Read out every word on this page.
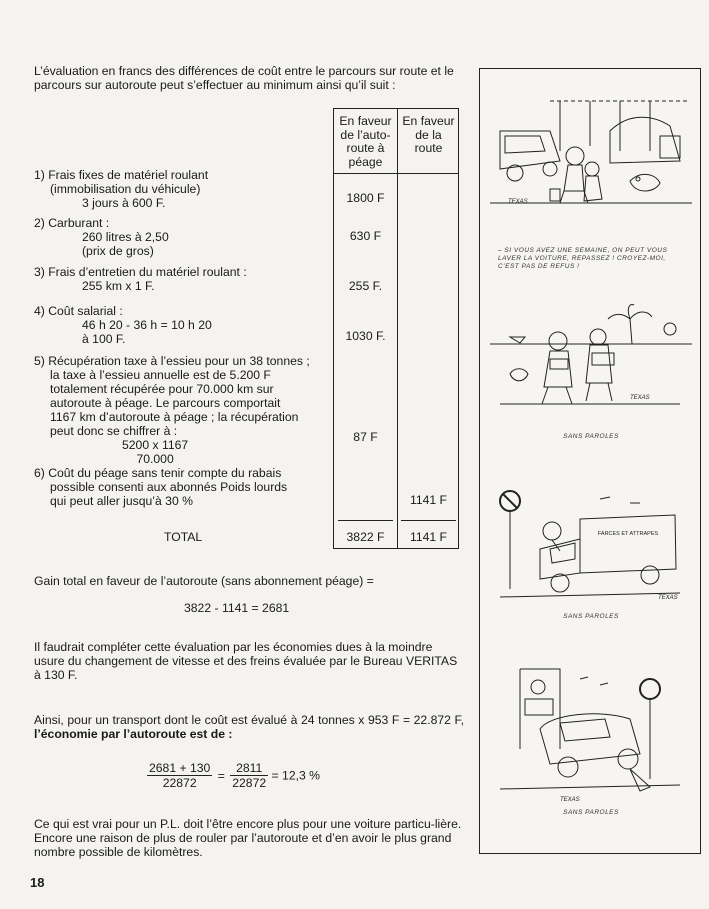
L’évaluation en francs des différences de coût entre le parcours sur route et le parcours sur autoroute peut s’effectuer au minimum ainsi qu’il suit :
En faveur
de l’auto-
route à
péage
En faveur
de la
route
1800 F
630 F
255 F.
1030 F.
87 F
1141 F
3822 F	1141 F
1) Frais fixes de matériel roulant
(immobilisation du véhicule)
3 jours à 600 F.
2) Carburant :
260 litres à 2,50
(prix de gros)
3) Frais d’entretien du matériel roulant :
255 km x 1 F.
4) Coût salarial :
46 h 20 - 36 h = 10 h 20
à 100 F.
5) Récupération taxe à l’essieu pour un 38 tonnes ;
la taxe à l’essieu annuelle est de 5.200 F
totalement récupérée pour 70.000 km sur
autoroute à péage. Le parcours comportait
1167 km d’autoroute à péage ; la récupération
peut donc se chiffrer à :
5200 x 1167
70.000
6) Coût du péage sans tenir compte du rabais
possible consenti aux abonnés Poids lourds
qui peut aller jusqu’à 30 %
TOTAL
Gain total en faveur de l’autoroute (sans abonnement péage) =
3822 - 1141 = 2681
Il faudrait compléter cette évaluation par les économies dues à la moindre usure du changement de vitesse et des freins évaluée par le Bureau VERITAS à 130 F.
Ainsi, pour un transport dont le coût est évalué à 24 tonnes x 953 F = 22.872 F, l’économie par l’autoroute est de :
$\frac{2681 + 130}{22872} = \frac{2811}{22872} = 12,3$ %
Ce qui est vrai pour un P.L. doit l’être encore plus pour une voiture particu-lière. Encore une raison de plus de rouler par l’autoroute et d’en avoir le plus grand nombre possible de kilomètres.
18
TEXAS
– SI VOUS AVEZ UNE SEMAINE, ON PEUT VOUS LAVER LA VOITURE, REPASSEZ ! CROYEZ-MOI, C’EST PAS DE REFUS !
TEXAS
SANS PAROLES
FARCES ET ATTRAPES
TEXAS
SANS PAROLES
TEXAS
SANS PAROLES
